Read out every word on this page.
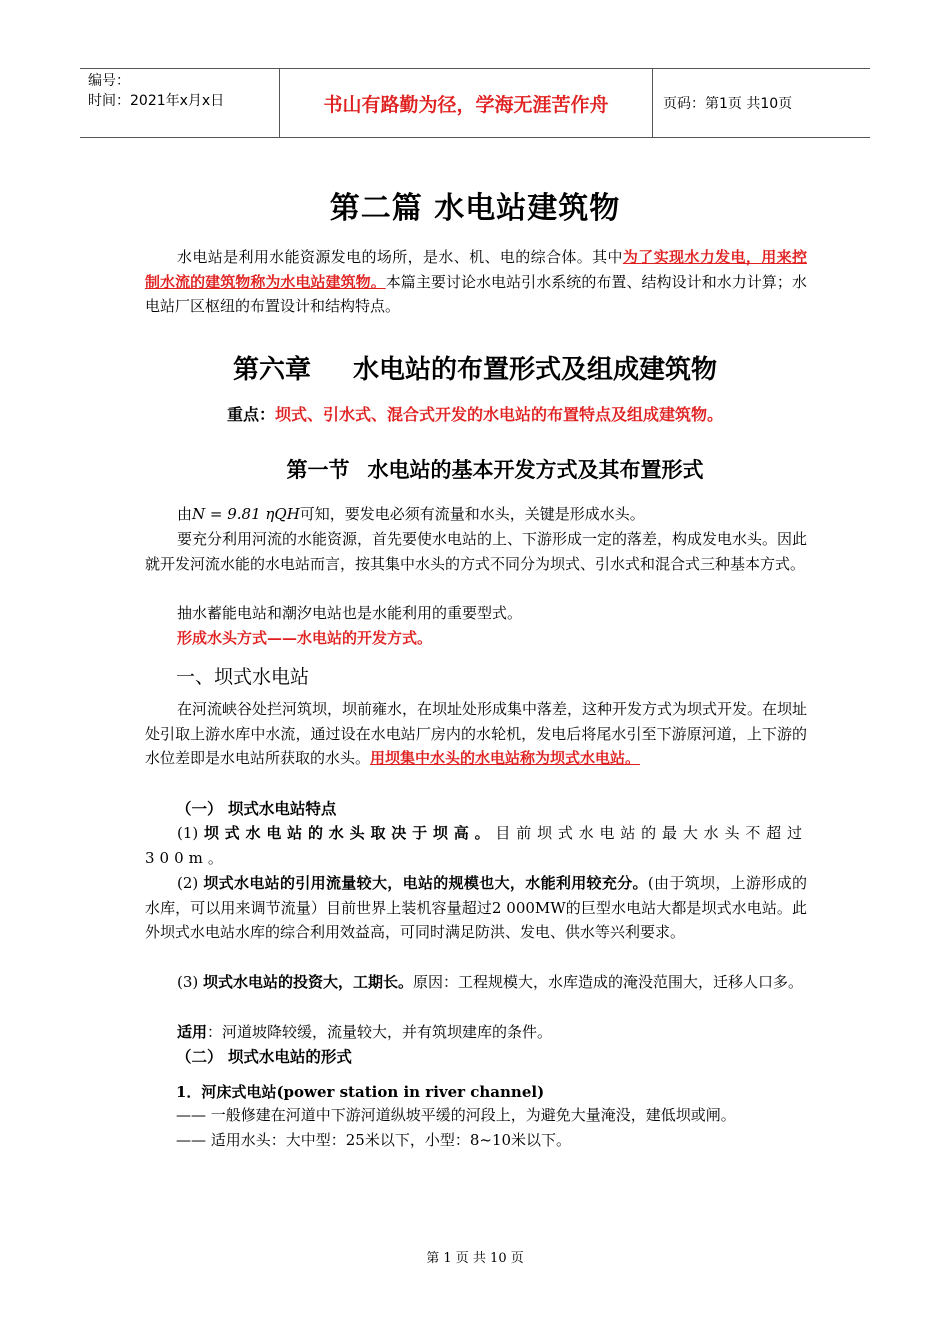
编号：
时间：2021年x月x日	书山有路勤为径，学海无涯苦作舟	页码：第1页 共10页
第二篇 水电站建筑物

水电站是利用水能资源发电的场所，是水、机、电的综合体。其中为了实现水力发电，用来控制水流的建筑物称为水电站建筑物。本篇主要讨论水电站引水系统的布置、结构设计和水力计算；水电站厂区枢纽的布置设计和结构特点。

第六章 水电站的布置形式及组成建筑物
重点：坝式、引水式、混合式开发的水电站的布置特点及组成建筑物。
第一节 水电站的基本开发方式及其布置形式

由N = 9.81 ηQH可知，要发电必须有流量和水头，关键是形成水头。

要充分利用河流的水能资源，首先要使水电站的上、下游形成一定的落差，构成发电水头。因此就开发河流水能的水电站而言，按其集中水头的方式不同分为坝式、引水式和混合式三种基本方式。

抽水蓄能电站和潮汐电站也是水能利用的重要型式。

形成水头方式——水电站的开发方式。

一、坝式水电站

在河流峡谷处拦河筑坝，坝前雍水，在坝址处形成集中落差，这种开发方式为坝式开发。在坝址处引取上游水库中水流，通过设在水电站厂房内的水轮机，发电后将尾水引至下游原河道，上下游的水位差即是水电站所获取的水头。用坝集中水头的水电站称为坝式水电站。

（一） 坝式水电站特点

(1) 坝式水电站的水头取决于坝高。目前坝式水电站的最大水头不超过300m。

(2) 坝式水电站的引用流量较大，电站的规模也大，水能利用较充分。(由于筑坝，上游形成的水库，可以用来调节流量）目前世界上装机容量超过2 000MW的巨型水电站大都是坝式水电站。此外坝式水电站水库的综合利用效益高，可同时满足防洪、发电、供水等兴利要求。

(3) 坝式水电站的投资大，工期长。原因：工程规模大，水库造成的淹没范围大，迁移人口多。

适用：河道坡降较缓，流量较大，并有筑坝建库的条件。

（二） 坝式水电站的形式
1．河床式电站(power station in river channel)

—— 一般修建在河道中下游河道纵坡平缓的河段上，为避免大量淹没，建低坝或闸。

—— 适用水头：大中型：25米以下，小型：8~10米以下。

第 1 页 共 10 页
